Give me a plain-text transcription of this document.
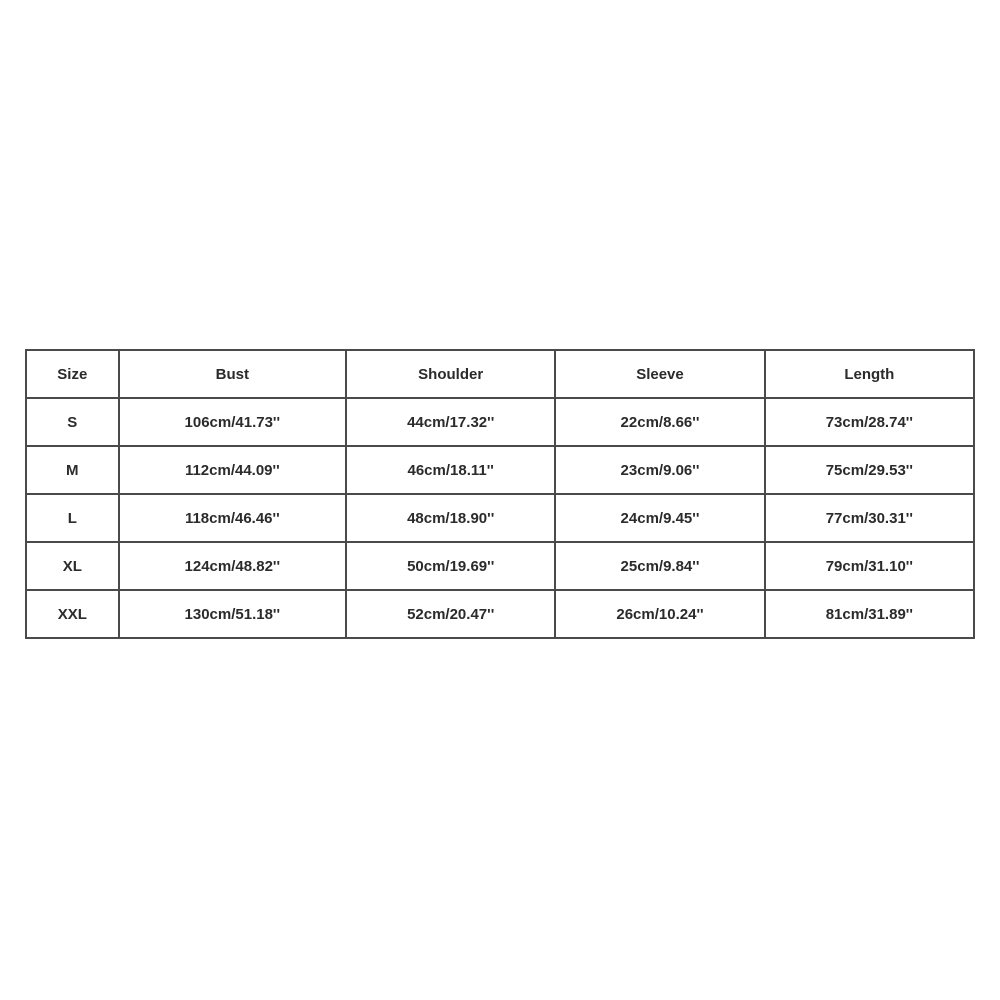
Size	Bust	Shoulder	Sleeve	Length
S	106cm/41.73''	44cm/17.32''	22cm/8.66''	73cm/28.74''
M	112cm/44.09''	46cm/18.11''	23cm/9.06''	75cm/29.53''
L	118cm/46.46''	48cm/18.90''	24cm/9.45''	77cm/30.31''
XL	124cm/48.82''	50cm/19.69''	25cm/9.84''	79cm/31.10''
XXL	130cm/51.18''	52cm/20.47''	26cm/10.24''	81cm/31.89''
